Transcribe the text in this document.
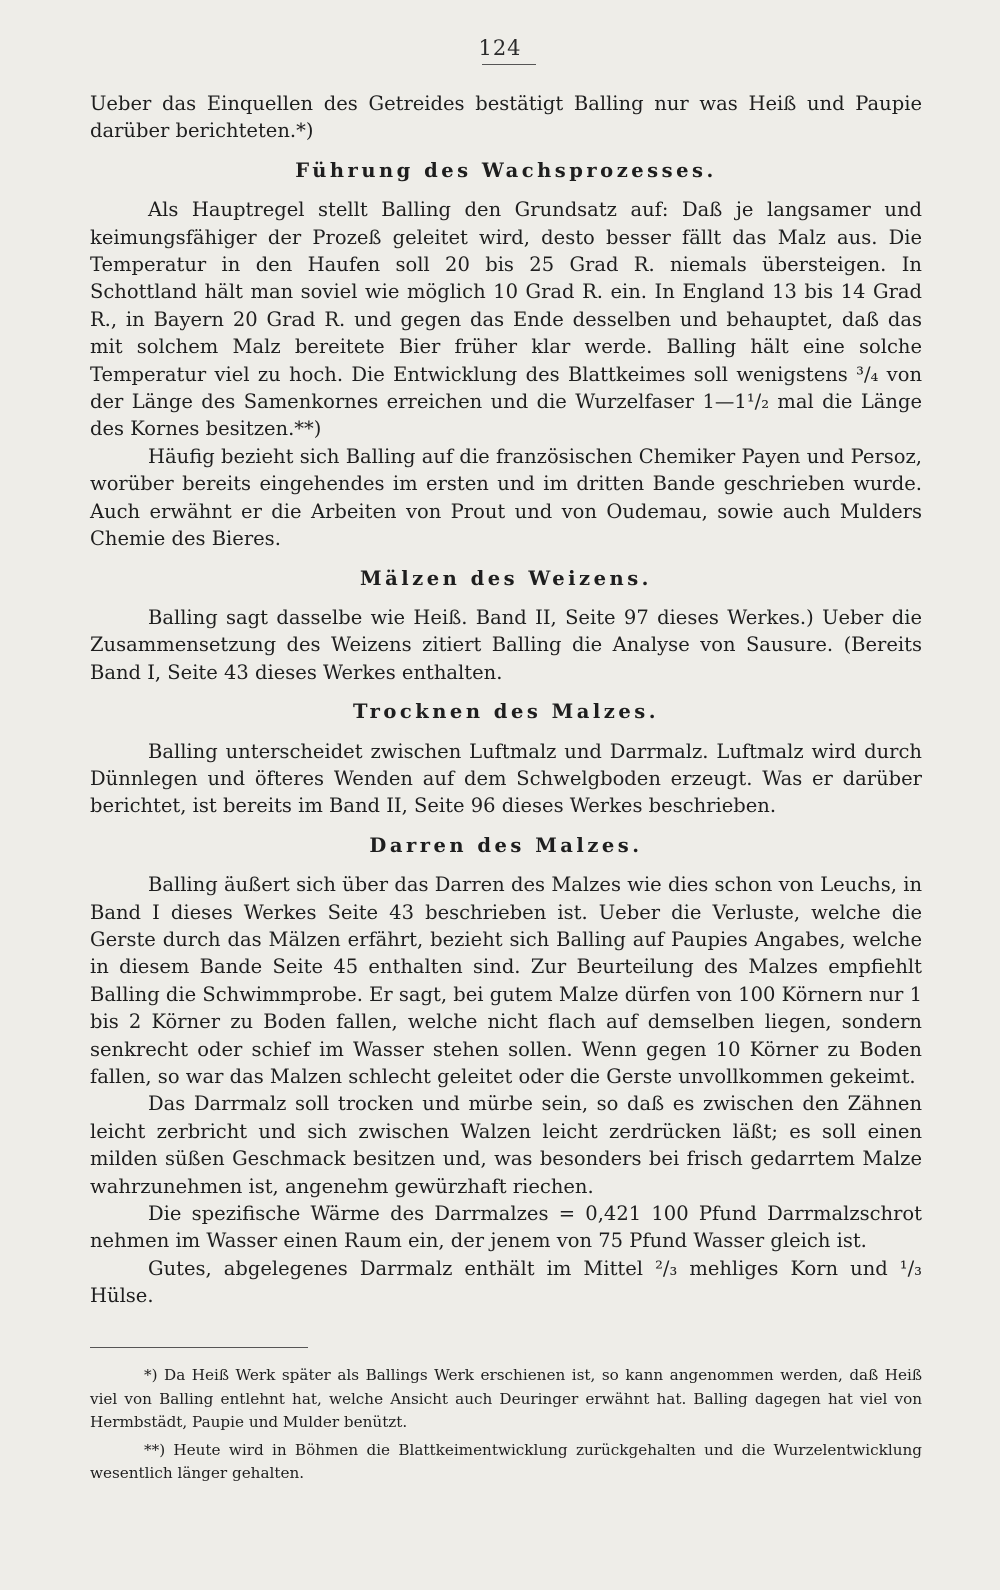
124

Ueber das Einquellen des Getreides bestätigt Balling nur was Heiß und Paupie darüber berichteten.*)

Führung des Wachsprozesses.

Als Hauptregel stellt Balling den Grundsatz auf: Daß je langsamer und keimungsfähiger der Prozeß geleitet wird, desto besser fällt das Malz aus. Die Temperatur in den Haufen soll 20 bis 25 Grad R. niemals übersteigen. In Schottland hält man soviel wie möglich 10 Grad R. ein. In England 13 bis 14 Grad R., in Bayern 20 Grad R. und gegen das Ende desselben und behauptet, daß das mit solchem Malz bereitete Bier früher klar werde. Balling hält eine solche Temperatur viel zu hoch. Die Entwicklung des Blattkeimes soll wenigstens ³/₄ von der Länge des Samenkornes erreichen und die Wurzelfaser 1—1¹/₂ mal die Länge des Kornes besitzen.**)

Häufig bezieht sich Balling auf die französischen Chemiker Payen und Persoz, worüber bereits eingehendes im ersten und im dritten Bande geschrieben wurde. Auch erwähnt er die Arbeiten von Prout und von Oudemau, sowie auch Mulders Chemie des Bieres.

Mälzen des Weizens.

Balling sagt dasselbe wie Heiß. Band II, Seite 97 dieses Werkes.) Ueber die Zusammensetzung des Weizens zitiert Balling die Analyse von Sausure. (Bereits Band I, Seite 43 dieses Werkes enthalten.

Trocknen des Malzes.

Balling unterscheidet zwischen Luftmalz und Darrmalz. Luftmalz wird durch Dünnlegen und öfteres Wenden auf dem Schwelgboden erzeugt. Was er darüber berichtet, ist bereits im Band II, Seite 96 dieses Werkes beschrieben.

Darren des Malzes.

Balling äußert sich über das Darren des Malzes wie dies schon von Leuchs, in Band I dieses Werkes Seite 43 beschrieben ist. Ueber die Verluste, welche die Gerste durch das Mälzen erfährt, bezieht sich Balling auf Paupies Angabes, welche in diesem Bande Seite 45 enthalten sind. Zur Beurteilung des Malzes empfiehlt Balling die Schwimmprobe. Er sagt, bei gutem Malze dürfen von 100 Körnern nur 1 bis 2 Körner zu Boden fallen, welche nicht flach auf demselben liegen, sondern senkrecht oder schief im Wasser stehen sollen. Wenn gegen 10 Körner zu Boden fallen, so war das Malzen schlecht geleitet oder die Gerste unvollkommen gekeimt.

Das Darrmalz soll trocken und mürbe sein, so daß es zwischen den Zähnen leicht zerbricht und sich zwischen Walzen leicht zerdrücken läßt; es soll einen milden süßen Geschmack besitzen und, was besonders bei frisch gedarrtem Malze wahrzunehmen ist, angenehm gewürzhaft riechen.

Die spezifische Wärme des Darrmalzes = 0,421 100 Pfund Darrmalzschrot nehmen im Wasser einen Raum ein, der jenem von 75 Pfund Wasser gleich ist.

Gutes, abgelegenes Darrmalz enthält im Mittel ²/₃ mehliges Korn und ¹/₃ Hülse.

*) Da Heiß Werk später als Ballings Werk erschienen ist, so kann angenommen werden, daß Heiß viel von Balling entlehnt hat, welche Ansicht auch Deuringer erwähnt hat. Balling dagegen hat viel von Hermbstädt, Paupie und Mulder benützt.

**) Heute wird in Böhmen die Blattkeimentwicklung zurückgehalten und die Wurzelentwicklung wesentlich länger gehalten.
